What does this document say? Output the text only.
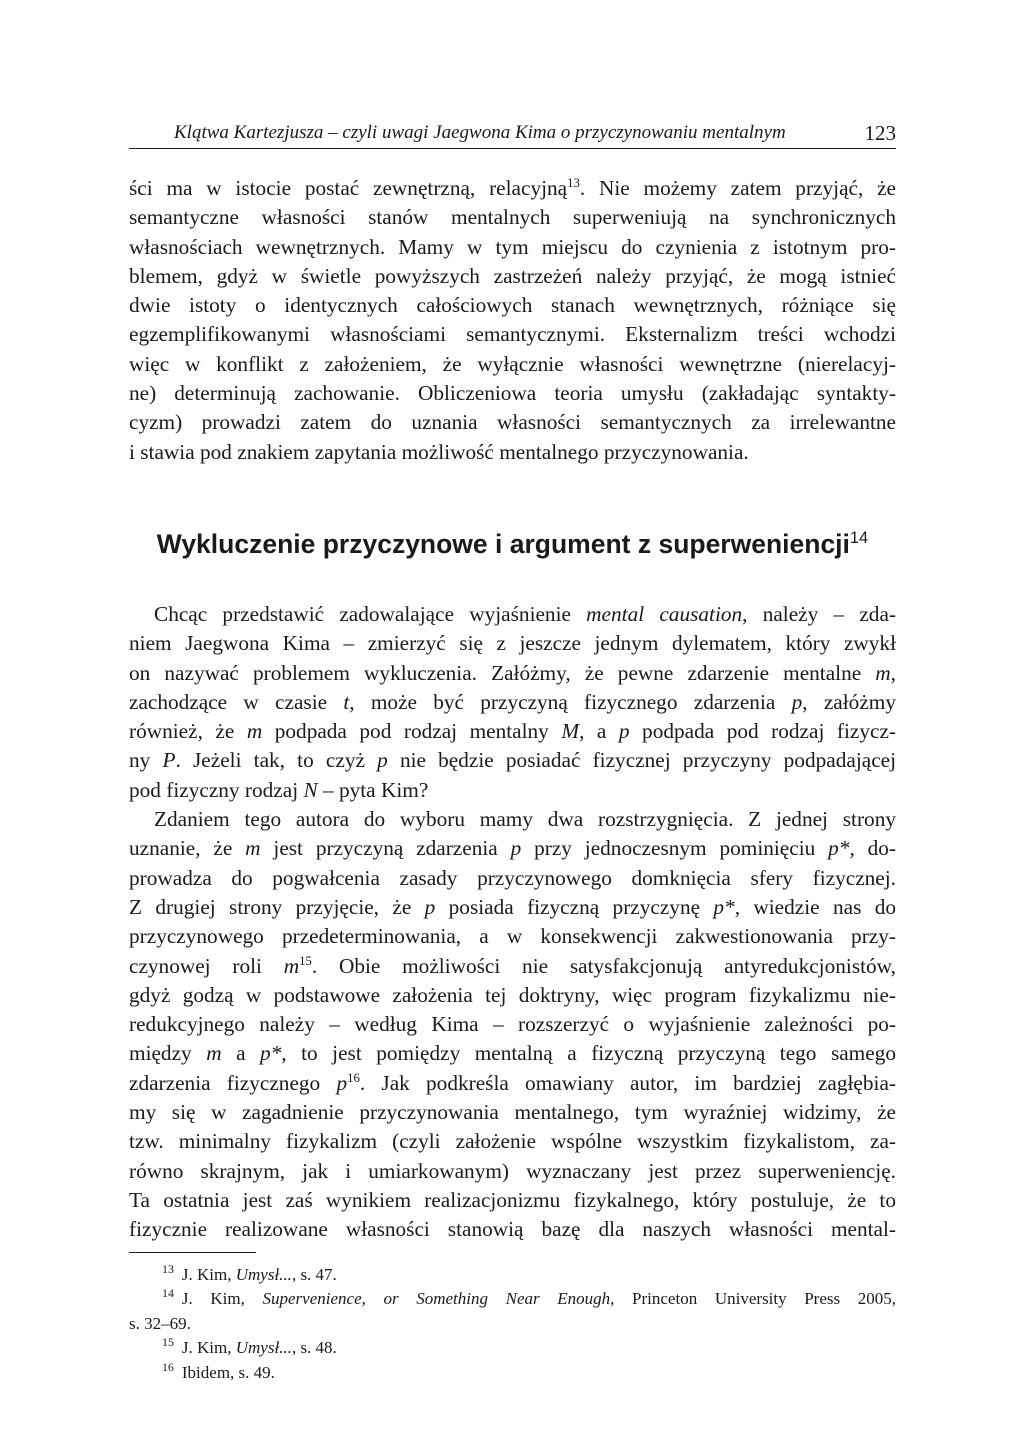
Klątwa Kartezjusza – czyli uwagi Jaegwona Kima o przyczynowaniu mentalnym	123
ści ma w istocie postać zewnętrzną, relacyjną$^{13}$. Nie możemy zatem przyjąć, że
semantyczne własności stanów mentalnych superweniują na synchronicznych
własnościach wewnętrznych. Mamy w tym miejscu do czynienia z istotnym pro-
blemem, gdyż w świetle powyższych zastrzeżeń należy przyjąć, że mogą istnieć
dwie istoty o identycznych całościowych stanach wewnętrznych, różniące się
egzemplifikowanymi własnościami semantycznymi. Eksternalizm treści wchodzi
więc w konflikt z założeniem, że wyłącznie własności wewnętrzne (nierelacyj-
ne) determinują zachowanie. Obliczeniowa teoria umysłu (zakładając syntakty-
cyzm) prowadzi zatem do uznania własności semantycznych za irrelewantne
i stawia pod znakiem zapytania możliwość mentalnego przyczynowania.
Wykluczenie przyczynowe i argument z superweniencji$^{14}$
Chcąc przedstawić zadowalające wyjaśnienie mental causation, należy – zda-
niem Jaegwona Kima – zmierzyć się z jeszcze jednym dylematem, który zwykł
on nazywać problemem wykluczenia. Załóżmy, że pewne zdarzenie mentalne m,
zachodzące w czasie t, może być przyczyną fizycznego zdarzenia p, załóżmy
również, że m podpada pod rodzaj mentalny M, a p podpada pod rodzaj fizycz-
ny P. Jeżeli tak, to czyż p nie będzie posiadać fizycznej przyczyny podpadającej
pod fizyczny rodzaj N – pyta Kim?
Zdaniem tego autora do wyboru mamy dwa rozstrzygnięcia. Z jednej strony
uznanie, że m jest przyczyną zdarzenia p przy jednoczesnym pominięciu p*, do-
prowadza do pogwałcenia zasady przyczynowego domknięcia sfery fizycznej.
Z drugiej strony przyjęcie, że p posiada fizyczną przyczynę p*, wiedzie nas do
przyczynowego przedeterminowania, a w konsekwencji zakwestionowania przy-
czynowej roli $m^{15}$. Obie możliwości nie satysfakcjonują antyredukcjonistów,
gdyż godzą w podstawowe założenia tej doktryny, więc program fizykalizmu nie-
redukcyjnego należy – według Kima – rozszerzyć o wyjaśnienie zależności po-
między m a p*, to jest pomiędzy mentalną a fizyczną przyczyną tego samego
zdarzenia fizycznego $p^{16}$. Jak podkreśla omawiany autor, im bardziej zagłębia-
my się w zagadnienie przyczynowania mentalnego, tym wyraźniej widzimy, że
tzw. minimalny fizykalizm (czyli założenie wspólne wszystkim fizykalistom, za-
równo skrajnym, jak i umiarkowanym) wyznaczany jest przez superweniencję.
Ta ostatnia jest zaś wynikiem realizacjonizmu fizykalnego, który postuluje, że to
fizycznie realizowane własności stanowią bazę dla naszych własności mental-
$^{13}$ J. Kim, Umysł..., s. 47.
$^{14}$ J. Kim, Supervenience, or Something Near Enough, Princeton University Press 2005,
s. 32–69.
$^{15}$ J. Kim, Umysł..., s. 48.
$^{16}$ Ibidem, s. 49.
